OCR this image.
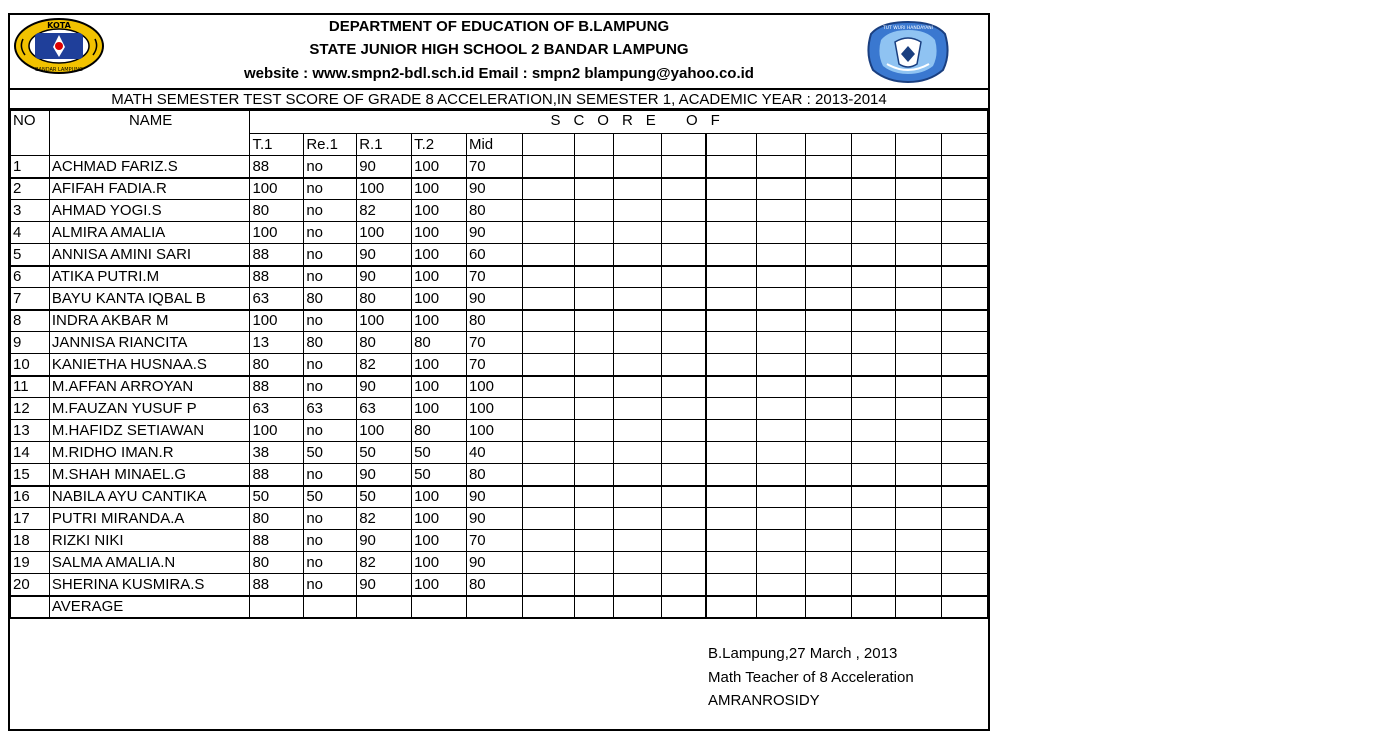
KOTA
BANDAR LAMPUNG
DEPARTMENT OF EDUCATION OF B.LAMPUNG
STATE JUNIOR HIGH SCHOOL 2 BANDAR LAMPUNG
website : www.smpn2-bdl.sch.id Email : smpn2 blampung@yahoo.co.id
TUT WURI HANDAYANI
MATH SEMESTER TEST SCORE OF GRADE 8 ACCELERATION,IN SEMESTER 1, ACADEMIC YEAR : 2013-2014
NO	NAME	SCORE OF														
		T.1	Re.1	R.1	T.2	Mid										
1	ACHMAD FARIZ.S	88	no	90	100	70										
2	AFIFAH FADIA.R	100	no	100	100	90										
3	AHMAD YOGI.S	80	no	82	100	80										
4	ALMIRA AMALIA	100	no	100	100	90										
5	ANNISA AMINI SARI	88	no	90	100	60										
6	ATIKA PUTRI.M	88	no	90	100	70										
7	BAYU KANTA IQBAL B	63	80	80	100	90										
8	INDRA AKBAR M	100	no	100	100	80										
9	JANNISA RIANCITA	13	80	80	80	70										
10	KANIETHA HUSNAA.S	80	no	82	100	70										
11	M.AFFAN ARROYAN	88	no	90	100	100										
12	M.FAUZAN YUSUF P	63	63	63	100	100										
13	M.HAFIDZ SETIAWAN	100	no	100	80	100										
14	M.RIDHO IMAN.R	38	50	50	50	40										
15	M.SHAH MINAEL.G	88	no	90	50	80										
16	NABILA AYU CANTIKA	50	50	50	100	90										
17	PUTRI MIRANDA.A	80	no	82	100	90										
18	RIZKI NIKI	88	no	90	100	70										
19	SALMA AMALIA.N	80	no	82	100	90										
20	SHERINA KUSMIRA.S	88	no	90	100	80										
	AVERAGE															
B.Lampung,27 March , 2013
Math Teacher of 8 Acceleration
AMRANROSIDY
